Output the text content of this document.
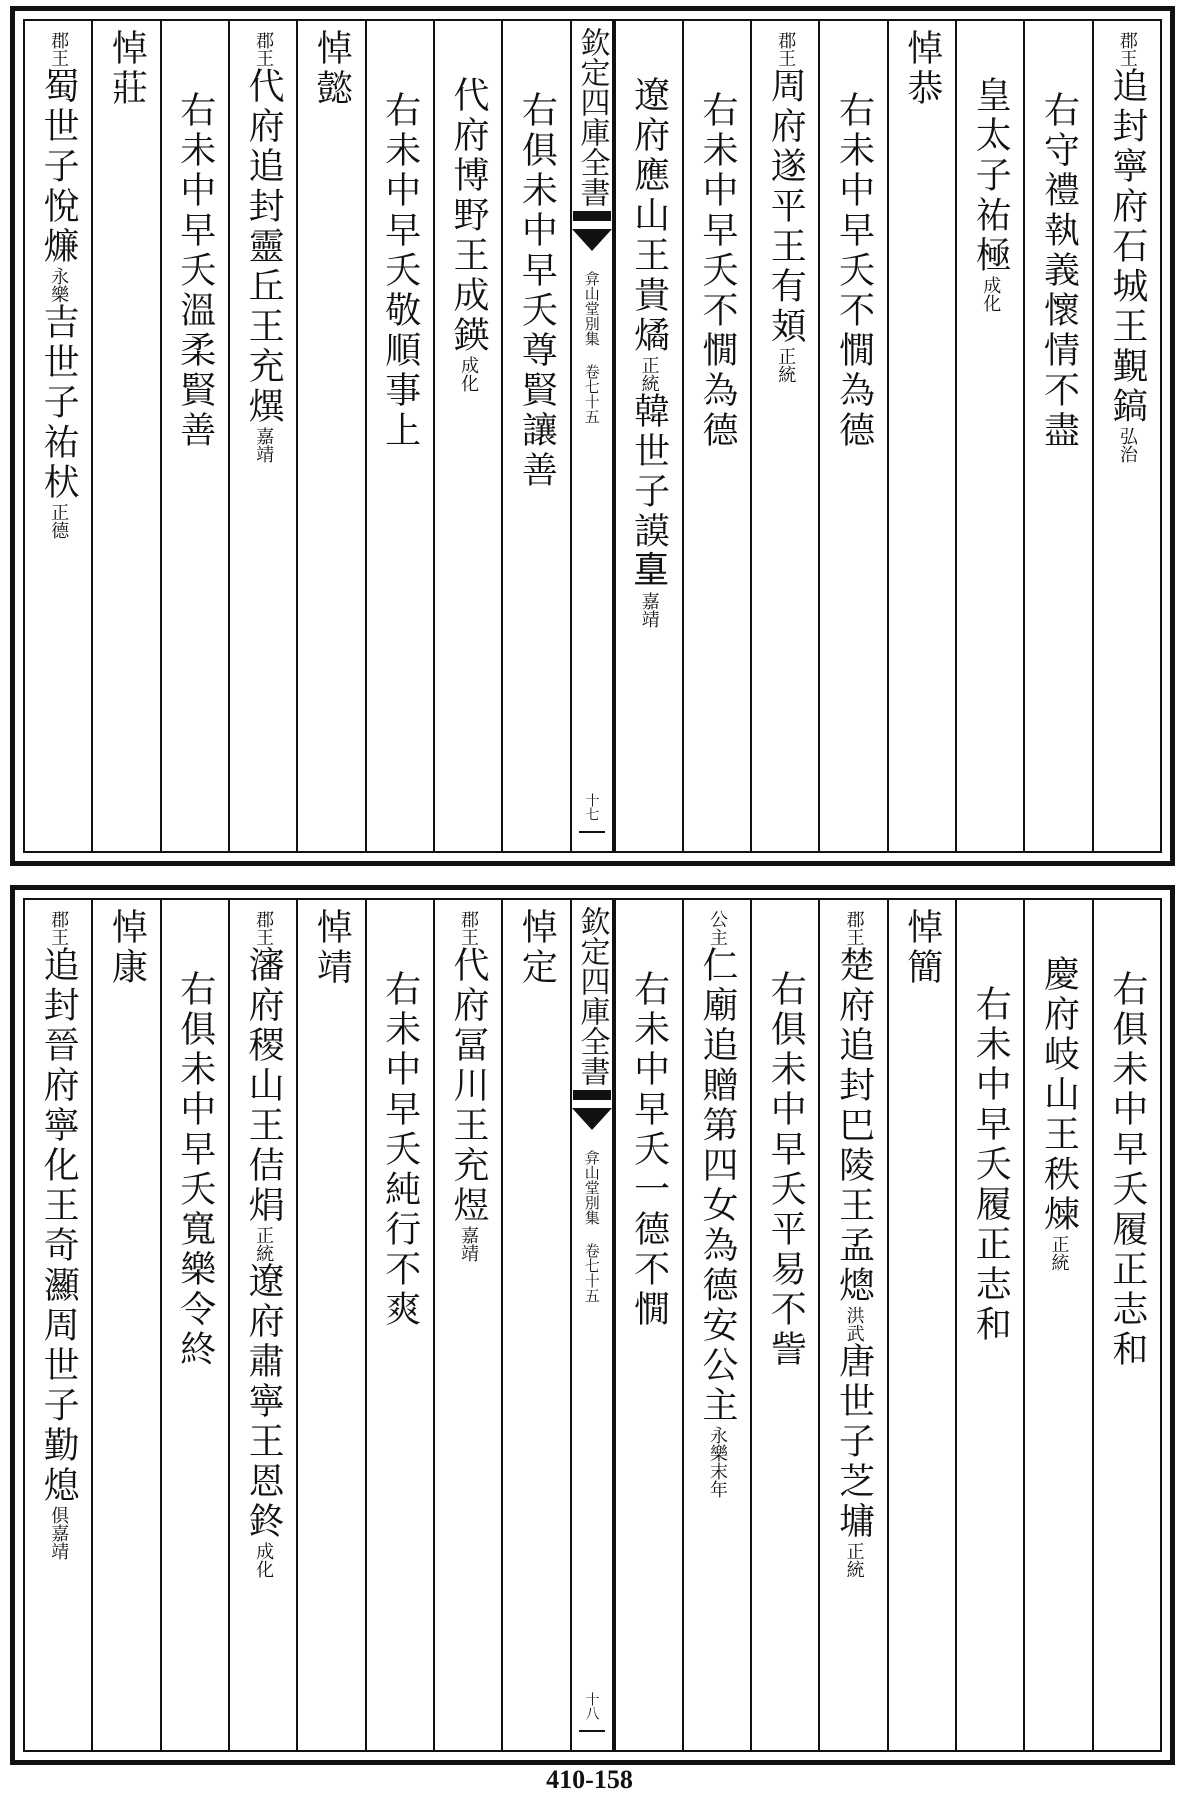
郡王
追封寧府石城王覲鎬
弘治
右守禮執義懷情不盡
皇太子祐極
成化
悼恭
右未中早夭不憪為德
郡王
周府遂平王有頍
正統
右未中早夭不憪為德
遼府應山王貴燏
正統
韓世子謨𡌴
嘉靖
欽定四庫全書
弇山堂別集 卷七十五
十七
右俱未中早夭尊賢讓善
代府博野王成鍈
成化
右未中早夭敬順事上
悼懿
郡王
代府追封靈丘王充熼
嘉靖
右未中早夭溫柔賢善
悼莊
郡王
蜀世子悅燫
永樂
吉世子祐枤
正德
右俱未中早夭履正志和
慶府岐山王秩煉
正統
右未中早夭履正志和
悼簡
郡王
楚府追封巴陵王孟熜
洪武
唐世子芝墉
正統
右俱未中早夭平易不訾
公主
仁廟追贈第四女為德安公主
永樂末年
右未中早夭一德不憪
欽定四庫全書
弇山堂別集 卷七十五
十八
悼定
郡王
代府冨川王充煜
嘉靖
右未中早夭純行不爽
悼靖
郡王
瀋府稷山王佶焆
正統
遼府肅寧王恩鉖
成化
右俱未中早夭寬樂令終
悼康
郡王
追封晉府寧化王奇灦
周世子勤熄
俱嘉靖
410-158
